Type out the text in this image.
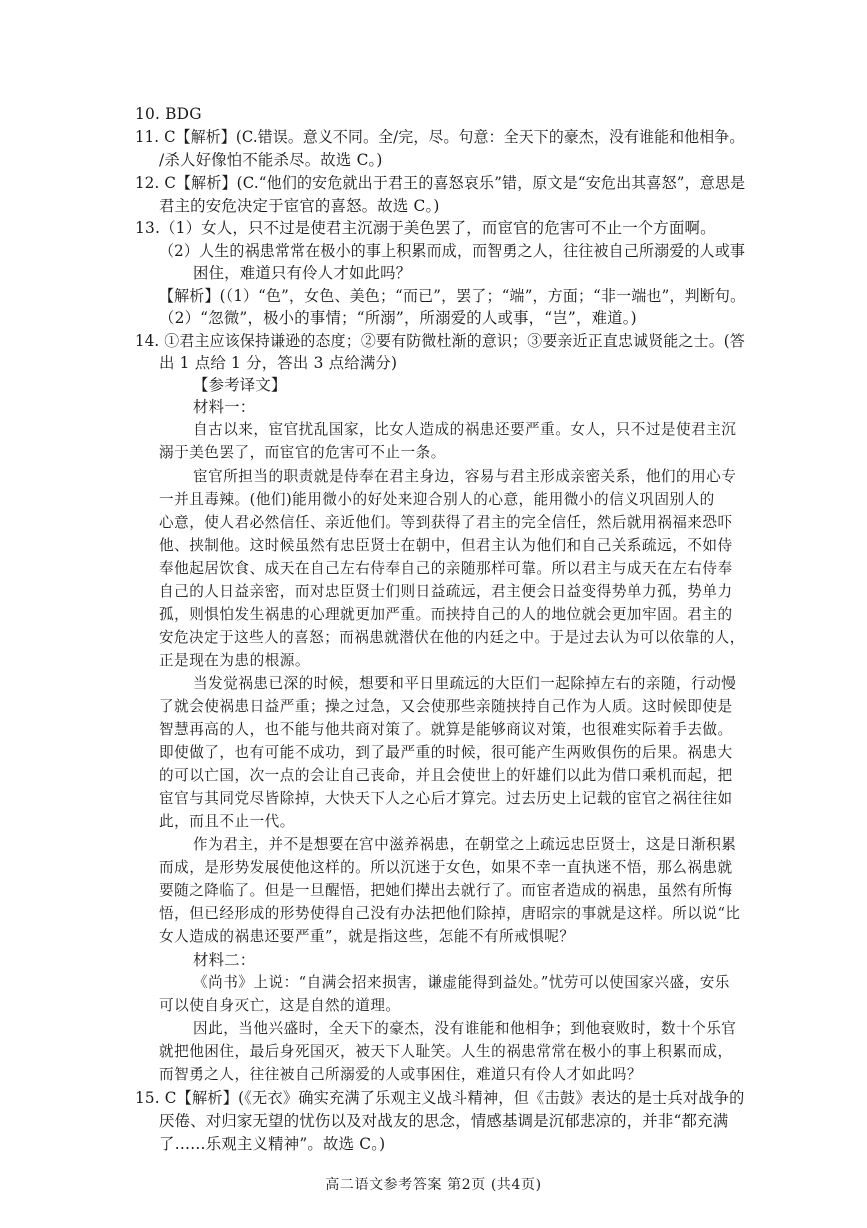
10. BDG
11. C【解析】(C.错误。意义不同。全/完，尽。句意：全天下的豪杰，没有谁能和他相争。
/杀人好像怕不能杀尽。故选 C。)
12. C【解析】(C.“他们的安危就出于君王的喜怒哀乐”错，原文是“安危出其喜怒”，意思是
君主的安危决定于宦官的喜怒。故选 C。)
13.（1）女人，只不过是使君主沉溺于美色罢了，而宦官的危害可不止一个方面啊。
（2）人生的祸患常常在极小的事上积累而成，而智勇之人，往往被自己所溺爱的人或事
困住，难道只有伶人才如此吗？
【解析】(（1）“色”，女色、美色；“而已”，罢了；“端”，方面；“非一端也”，判断句。
（2）“忽微”，极小的事情；“所溺”，所溺爱的人或事，“岂”，难道。)
14. ①君主应该保持谦逊的态度；②要有防微杜渐的意识；③要亲近正直忠诚贤能之士。(答
出 1 点给 1 分，答出 3 点给满分)
【参考译文】
材料一：
自古以来，宦官扰乱国家，比女人造成的祸患还要严重。女人，只不过是使君主沉
溺于美色罢了，而宦官的危害可不止一条。
宦官所担当的职责就是侍奉在君主身边，容易与君主形成亲密关系，他们的用心专
一并且毒辣。(他们)能用微小的好处来迎合别人的心意，能用微小的信义巩固别人的
心意，使人君必然信任、亲近他们。等到获得了君主的完全信任，然后就用祸福来恐吓
他、挟制他。这时候虽然有忠臣贤士在朝中，但君主认为他们和自己关系疏远，不如侍
奉他起居饮食、成天在自己左右侍奉自己的亲随那样可靠。所以君主与成天在左右侍奉
自己的人日益亲密，而对忠臣贤士们则日益疏远，君主便会日益变得势单力孤，势单力
孤，则惧怕发生祸患的心理就更加严重。而挟持自己的人的地位就会更加牢固。君主的
安危决定于这些人的喜怒；而祸患就潜伏在他的内廷之中。于是过去认为可以依靠的人，
正是现在为患的根源。
当发觉祸患已深的时候，想要和平日里疏远的大臣们一起除掉左右的亲随，行动慢
了就会使祸患日益严重；操之过急，又会使那些亲随挟持自己作为人质。这时候即使是
智慧再高的人，也不能与他共商对策了。就算是能够商议对策，也很难实际着手去做。
即使做了，也有可能不成功，到了最严重的时候，很可能产生两败俱伤的后果。祸患大
的可以亡国，次一点的会让自己丧命，并且会使世上的奸雄们以此为借口乘机而起，把
宦官与其同党尽皆除掉，大快天下人之心后才算完。过去历史上记载的宦官之祸往往如
此，而且不止一代。
作为君主，并不是想要在宫中滋养祸患，在朝堂之上疏远忠臣贤士，这是日渐积累
而成，是形势发展使他这样的。所以沉迷于女色，如果不幸一直执迷不悟，那么祸患就
要随之降临了。但是一旦醒悟，把她们撵出去就行了。而宦者造成的祸患，虽然有所悔
悟，但已经形成的形势使得自己没有办法把他们除掉，唐昭宗的事就是这样。所以说“比
女人造成的祸患还要严重”，就是指这些，怎能不有所戒惧呢？
材料二：
《尚书》上说：“自满会招来损害，谦虚能得到益处。”忧劳可以使国家兴盛，安乐
可以使自身灭亡，这是自然的道理。
因此，当他兴盛时，全天下的豪杰，没有谁能和他相争；到他衰败时，数十个乐官
就把他困住，最后身死国灭，被天下人耻笑。人生的祸患常常在极小的事上积累而成，
而智勇之人，往往被自己所溺爱的人或事困住，难道只有伶人才如此吗？
15. C【解析】(《无衣》确实充满了乐观主义战斗精神，但《击鼓》表达的是士兵对战争的
厌倦、对归家无望的忧伤以及对战友的思念，情感基调是沉郁悲凉的，并非“都充满
了……乐观主义精神”。故选 C。)
高二语文参考答案 第2页 (共4页)
